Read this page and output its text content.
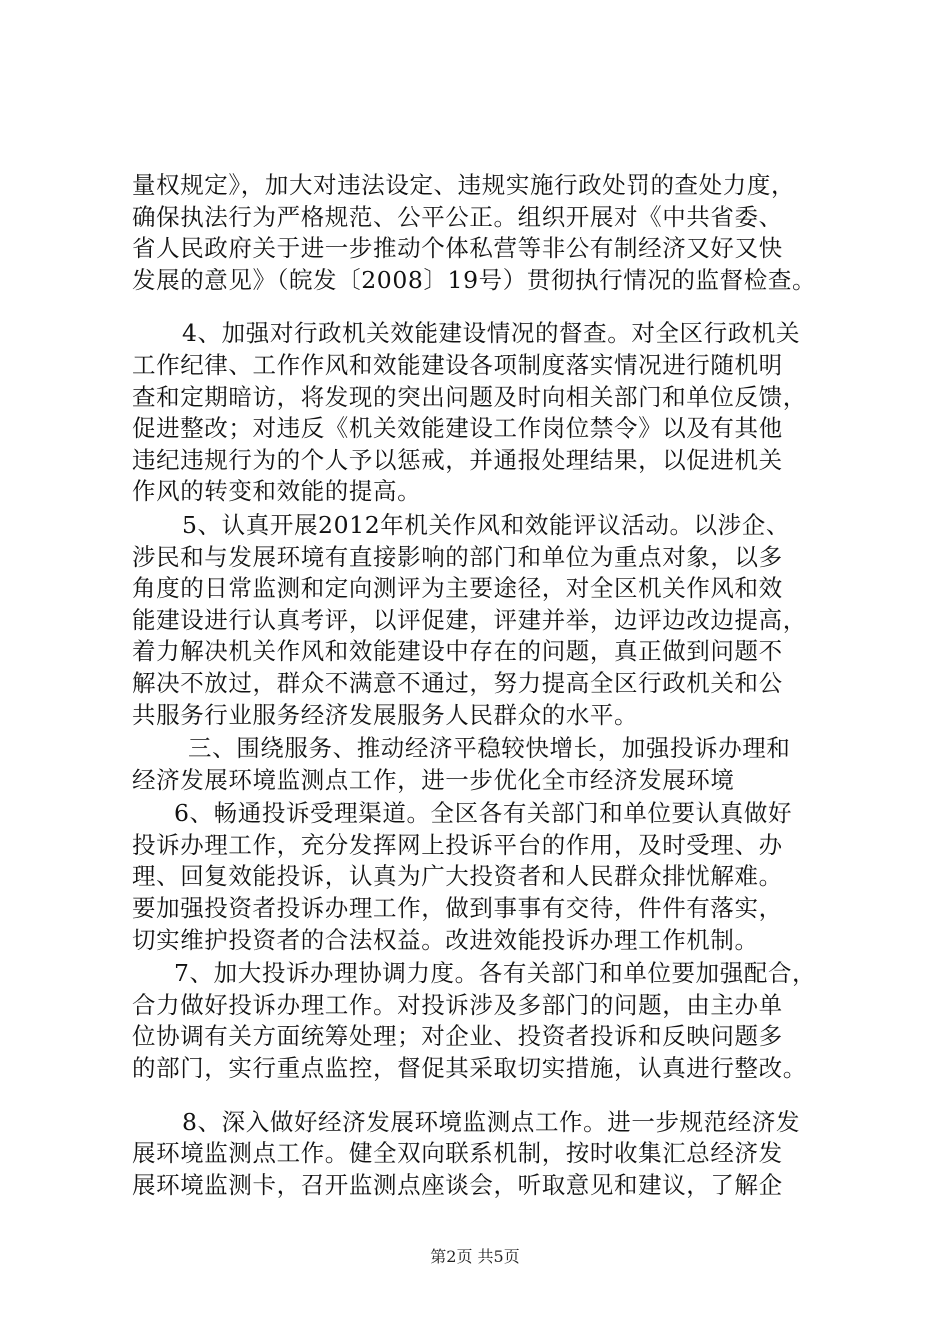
量权规定》，加大对违法设定、违规实施行政处罚的查处力度，
确保执法行为严格规范、公平公正。组织开展对《中共省委、
省人民政府关于进一步推动个体私营等非公有制经济又好又快
发展的意见》（皖发〔2008〕19号）贯彻执行情况的监督检查。
4、加强对行政机关效能建设情况的督查。对全区行政机关
工作纪律、工作作风和效能建设各项制度落实情况进行随机明
查和定期暗访，将发现的突出问题及时向相关部门和单位反馈，
促进整改；对违反《机关效能建设工作岗位禁令》以及有其他
违纪违规行为的个人予以惩戒，并通报处理结果，以促进机关
作风的转变和效能的提高。
5、认真开展2012年机关作风和效能评议活动。以涉企、
涉民和与发展环境有直接影响的部门和单位为重点对象，以多
角度的日常监测和定向测评为主要途径，对全区机关作风和效
能建设进行认真考评，以评促建，评建并举，边评边改边提高，
着力解决机关作风和效能建设中存在的问题，真正做到问题不
解决不放过，群众不满意不通过，努力提高全区行政机关和公
共服务行业服务经济发展服务人民群众的水平。
三、围绕服务、推动经济平稳较快增长，加强投诉办理和
经济发展环境监测点工作，进一步优化全市经济发展环境
6、畅通投诉受理渠道。全区各有关部门和单位要认真做好
投诉办理工作，充分发挥网上投诉平台的作用，及时受理、办
理、回复效能投诉，认真为广大投资者和人民群众排忧解难。
要加强投资者投诉办理工作，做到事事有交待，件件有落实，
切实维护投资者的合法权益。改进效能投诉办理工作机制。
7、加大投诉办理协调力度。各有关部门和单位要加强配合，
合力做好投诉办理工作。对投诉涉及多部门的问题，由主办单
位协调有关方面统筹处理；对企业、投资者投诉和反映问题多
的部门，实行重点监控，督促其采取切实措施，认真进行整改。
8、深入做好经济发展环境监测点工作。进一步规范经济发
展环境监测点工作。健全双向联系机制，按时收集汇总经济发
展环境监测卡，召开监测点座谈会，听取意见和建议，了解企
第2页 共5页
